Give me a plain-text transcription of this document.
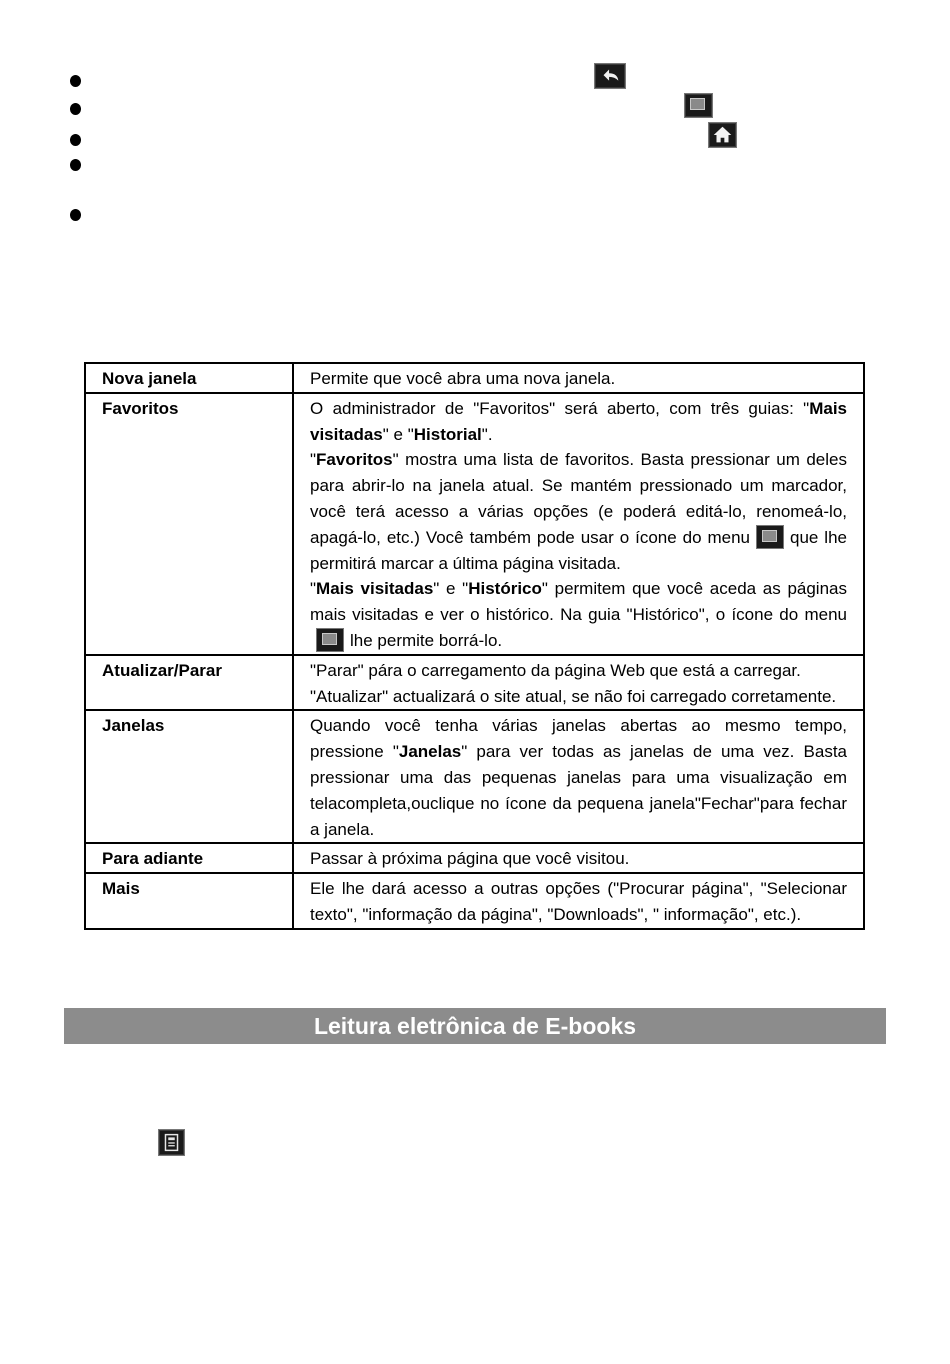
Nova janela	Permite que você abra uma nova janela.
Favoritos	O administrador de "Favoritos" será aberto, com três guias: "Mais visitadas" e "Historial".
"Favoritos" mostra uma lista de favoritos. Basta pressionar um deles para abrir-lo na janela atual. Se mantém pressionado um marcador, você terá acesso a várias opções (e poderá editá-lo, renomeá-lo, apagá-lo, etc.) Você também pode usar o ícone do menu que lhe permitirá marcar a última página visitada.
"Mais visitadas" e "Histórico" permitem que você aceda as páginas mais visitadas e ver o histórico. Na guia "Histórico", o ícone do menu
lhe permite borrá-lo.

Atualizar/Parar	"Parar" pára o carregamento da página Web que está a carregar.
"Atualizar" actualizará o site atual, se não foi carregado corretamente.

Janelas	Quando você tenha várias janelas abertas ao mesmo tempo, pressione "Janelas" para ver todas as janelas de uma vez. Basta pressionar uma das pequenas janelas para uma visualização em telacompleta,ouclique no ícone da pequena janela"Fechar"para fechar a janela.
Para adiante	Passar à próxima página que você visitou.
Mais	Ele lhe dará acesso a outras opções ("Procurar página", "Selecionar texto", "informação da página", "Downloads", " informação", etc.).
Leitura eletrônica de E-books
